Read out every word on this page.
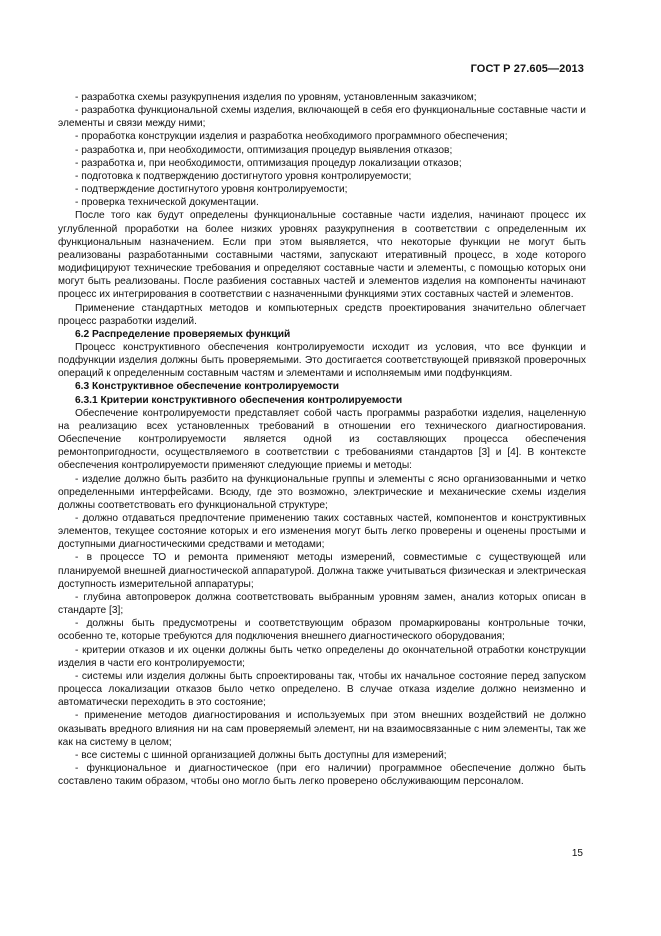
ГОСТ Р 27.605—2013

- разработка схемы разукрупнения изделия по уровням, установленным заказчиком;

- разработка функциональной схемы изделия, включающей в себя его функциональные составные части и элементы и связи между ними;

- проработка конструкции изделия и разработка необходимого программного обеспечения;

- разработка и, при необходимости, оптимизация процедур выявления отказов;

- разработка и, при необходимости, оптимизация процедур локализации отказов;

- подготовка к подтверждению достигнутого уровня контролируемости;

- подтверждение достигнутого уровня контролируемости;

- проверка технической документации.

После того как будут определены функциональные составные части изделия, начинают процесс их углубленной проработки на более низких уровнях разукрупнения в соответствии с определенным их функциональным назначением. Если при этом выявляется, что некоторые функции не могут быть реализованы разработанными составными частями, запускают итеративный процесс, в ходе которого модифицируют технические требования и определяют составные части и элементы, с помощью которых они могут быть реализованы. После разбиения составных частей и элементов изделия на компоненты начинают процесс их интегрирования в соответствии с назначенными функциями этих составных частей и элементов.

Применение стандартных методов и компьютерных средств проектирования значительно облегчает процесс разработки изделий.

6.2 Распределение проверяемых функций

Процесс конструктивного обеспечения контролируемости исходит из условия, что все функции и подфункции изделия должны быть проверяемыми. Это достигается соответствующей привязкой проверочных операций к определенным составным частям и элементами и исполняемым ими подфункциям.

6.3 Конструктивное обеспечение контролируемости

6.3.1 Критерии конструктивного обеспечения контролируемости

Обеспечение контролируемости представляет собой часть программы разработки изделия, нацеленную на реализацию всех установленных требований в отношении его технического диагностирования. Обеспечение контролируемости является одной из составляющих процесса обеспечения ремонтопригодности, осуществляемого в соответствии с требованиями стандартов [3] и [4]. В контексте обеспечения контролируемости применяют следующие приемы и методы:

- изделие должно быть разбито на функциональные группы и элементы с ясно организованными и четко определенными интерфейсами. Всюду, где это возможно, электрические и механические схемы изделия должны соответствовать его функциональной структуре;

- должно отдаваться предпочтение применению таких составных частей, компонентов и конструктивных элементов, текущее состояние которых и его изменения могут быть легко проверены и оценены простыми и доступными диагностическими средствами и методами;

- в процессе ТО и ремонта применяют методы измерений, совместимые с существующей или планируемой внешней диагностической аппаратурой. Должна также учитываться физическая и электрическая доступность измерительной аппаратуры;

- глубина автопроверок должна соответствовать выбранным уровням замен, анализ которых описан в стандарте [3];

- должны быть предусмотрены и соответствующим образом промаркированы контрольные точки, особенно те, которые требуются для подключения внешнего диагностического оборудования;

- критерии отказов и их оценки должны быть четко определены до окончательной отработки конструкции изделия в части его контролируемости;

- системы или изделия должны быть спроектированы так, чтобы их начальное состояние перед запуском процесса локализации отказов было четко определено. В случае отказа изделие должно неизменно и автоматически переходить в это состояние;

- применение методов диагностирования и используемых при этом внешних воздействий не должно оказывать вредного влияния ни на сам проверяемый элемент, ни на взаимосвязанные с ним элементы, так же как на систему в целом;

- все системы с шинной организацией должны быть доступны для измерений;

- функциональное и диагностическое (при его наличии) программное обеспечение должно быть составлено таким образом, чтобы оно могло быть легко проверено обслуживающим персоналом.

15
